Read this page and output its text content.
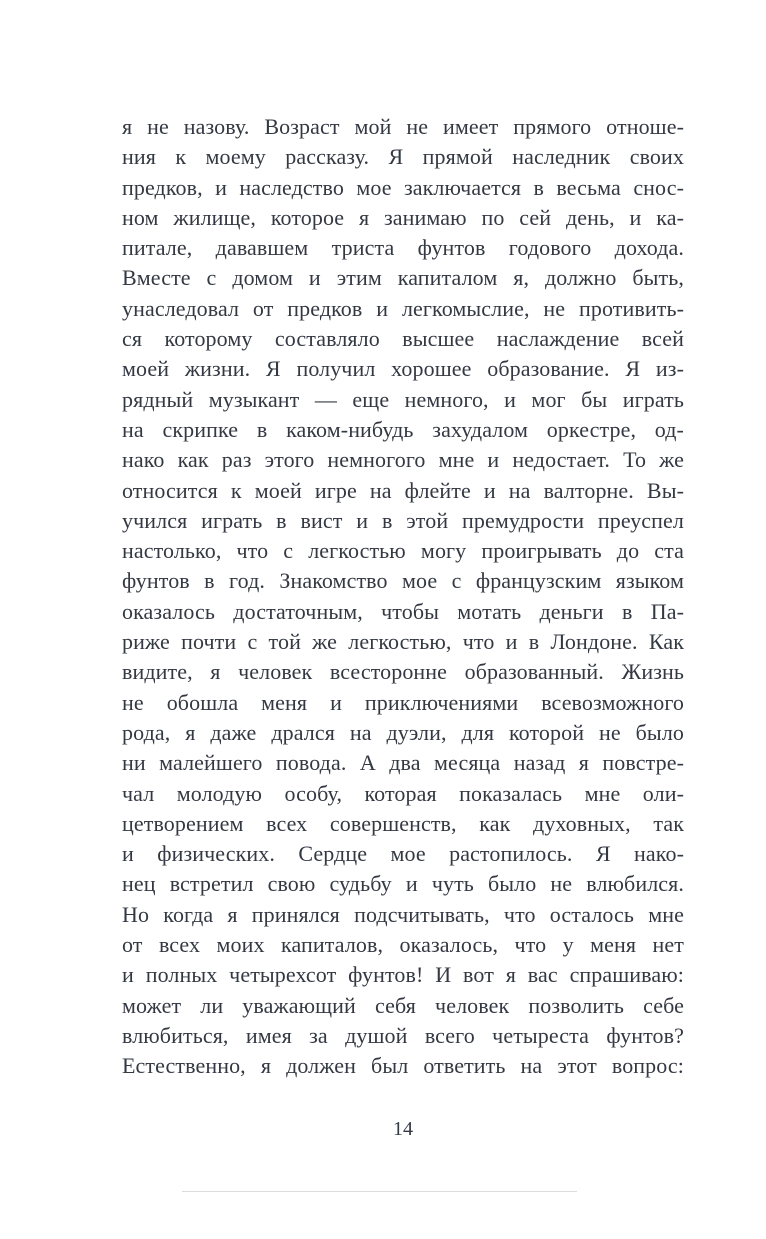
я не назову. Возраст мой не имеет прямого отноше-
ния к моему рассказу. Я прямой наследник своих
предков, и наследство мое заключается в весьма снос-
ном жилище, которое я занимаю по сей день, и ка-
питале, дававшем триста фунтов годового дохода.
Вместе с домом и этим капиталом я, должно быть,
унаследовал от предков и легкомыслие, не противить-
ся которому составляло высшее наслаждение всей
моей жизни. Я получил хорошее образование. Я из-
рядный музыкант — еще немного, и мог бы играть
на скрипке в каком-нибудь захудалом оркестре, од-
нако как раз этого немногого мне и недостает. То же
относится к моей игре на флейте и на валторне. Вы-
учился играть в вист и в этой премудрости преуспел
настолько, что с легкостью могу проигрывать до ста
фунтов в год. Знакомство мое с французским языком
оказалось достаточным, чтобы мотать деньги в Па-
риже почти с той же легкостью, что и в Лондоне. Как
видите, я человек всесторонне образованный. Жизнь
не обошла меня и приключениями всевозможного
рода, я даже дрался на дуэли, для которой не было
ни малейшего повода. А два месяца назад я повстре-
чал молодую особу, которая показалась мне оли-
цетворением всех совершенств, как духовных, так
и физических. Сердце мое растопилось. Я нако-
нец встретил свою судьбу и чуть было не влюбился.
Но когда я принялся подсчитывать, что осталось мне
от всех моих капиталов, оказалось, что у меня нет
и полных четырехсот фунтов! И вот я вас спрашиваю:
может ли уважающий себя человек позволить себе
влюбиться, имея за душой всего четыреста фунтов?
Естественно, я должен был ответить на этот вопрос:
14
